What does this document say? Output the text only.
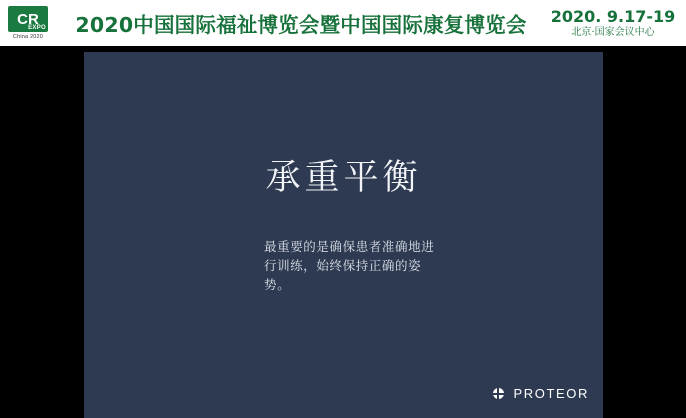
CR
EXPO
China 2020 2020中国国际福祉博览会暨中国国际康复博览会 2020. 9.17-19
北京·国家会议中心
承重平衡
最重要的是确保患者准确地进行训练，始终保持正确的姿势。
PROTEOR
